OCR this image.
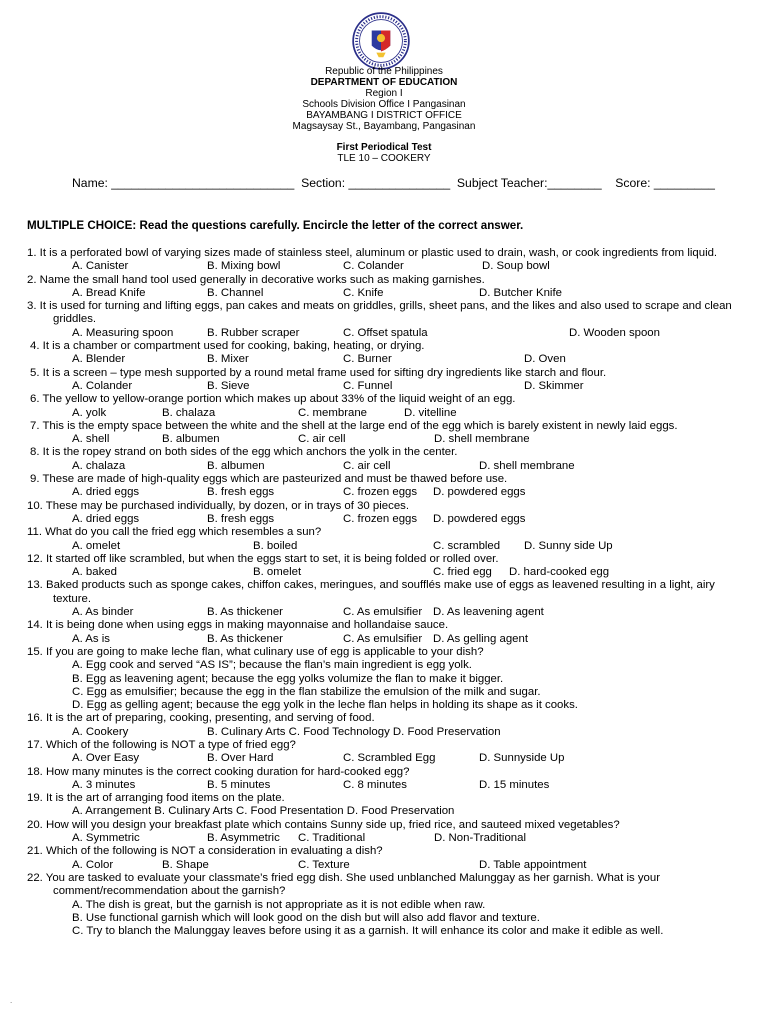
Republic of the Philippines
DEPARTMENT OF EDUCATION
Region I
Schools Division Office I Pangasinan
BAYAMBANG I DISTRICT OFFICE
Magsaysay St., Bayambang, Pangasinan
First Periodical Test
TLE 10 – COOKERY
Name: ___________________________  Section: _______________  Subject Teacher:________    Score: _________
MULTIPLE CHOICE: Read the questions carefully. Encircle the letter of the correct answer.
1. It is a perforated bowl of varying sizes made of stainless steel, aluminum or plastic used to drain, wash, or cook ingredients from liquid.
A. Canister	B. Mixing bowl	C. Colander	D. Soup bowl
2. Name the small hand tool used generally in decorative works such as making garnishes.
A. Bread Knife	B. Channel	C. Knife	D. Butcher Knife
3. It is used for turning and lifting eggs, pan cakes and meats on griddles, grills, sheet pans, and the likes and also used to scrape and clean griddles.
A. Measuring spoon	B. Rubber scraper	C. Offset spatula	D. Wooden spoon
4. It is a chamber or compartment used for cooking, baking, heating, or drying.
A. Blender	B. Mixer	C. Burner	D. Oven
5. It is a screen – type mesh supported by a round metal frame used for sifting dry ingredients like starch and flour.
A. Colander	B. Sieve	C. Funnel	D. Skimmer
6. The yellow to yellow-orange portion which makes up about 33% of the liquid weight of an egg.
A. yolk	B. chalaza	C. membrane	D. vitelline
7. This is the empty space between the white and the shell at the large end of the egg which is barely existent in newly laid eggs.
A. shell	B. albumen	C. air cell	D. shell membrane
8. It is the ropey strand on both sides of the egg which anchors the yolk in the center.
A. chalaza	B. albumen	C. air cell	D. shell membrane
9. These are made of high-quality eggs which are pasteurized and must be thawed before use.
A. dried eggs	B. fresh eggs	C. frozen eggs D. powdered eggs
10. These may be purchased individually, by dozen, or in trays of 30 pieces.
A. dried eggs	B. fresh eggs	C. frozen eggs D. powdered eggs
11. What do you call the fried egg which resembles a sun?
A. omelet	B. boiled	C. scrambled D. Sunny side Up
12. It started off like scrambled, but when the eggs start to set, it is being folded or rolled over.
A. baked	B. omelet	C. fried egg D. hard-cooked egg
13. Baked products such as sponge cakes, chiffon cakes, meringues, and soufflés make use of eggs as leavened resulting in a light, airy texture.
A. As binder	B. As thickener	C. As emulsifier D. As leavening agent
14. It is being done when using eggs in making mayonnaise and hollandaise sauce.
A. As is	B. As thickener	C. As emulsifier D. As gelling agent
15. If you are going to make leche flan, what culinary use of egg is applicable to your dish?
A. Egg cook and served “AS IS”; because the flan’s main ingredient is egg yolk.
B. Egg as leavening agent; because the egg yolks volumize the flan to make it bigger.
C. Egg as emulsifier; because the egg in the flan stabilize the emulsion of the milk and sugar.
D. Egg as gelling agent; because the egg yolk in the leche flan helps in holding its shape as it cooks.
16. It is the art of preparing, cooking, presenting, and serving of food.
A. Cookery	B. Culinary Arts C. Food Technology D. Food Preservation
17. Which of the following is NOT a type of fried egg?
A. Over Easy	B. Over Hard	C. Scrambled Egg	D. Sunnyside Up
18. How many minutes is the correct cooking duration for hard-cooked egg?
A. 3 minutes	B. 5 minutes	C. 8 minutes	D. 15 minutes
19. It is the art of arranging food items on the plate.
A. Arrangement B. Culinary Arts C. Food Presentation D. Food Preservation
20. How will you design your breakfast plate which contains Sunny side up, fried rice, and sauteed mixed vegetables?
A. Symmetric	B. Asymmetric C. Traditional	D. Non-Traditional
21. Which of the following is NOT a consideration in evaluating a dish?
A. Color	B. Shape	C. Texture	D. Table appointment
22. You are tasked to evaluate your classmate’s fried egg dish. She used unblanched Malunggay as her garnish. What is your comment/recommendation about the garnish?
A. The dish is great, but the garnish is not appropriate as it is not edible when raw.
B. Use functional garnish which will look good on the dish but will also add flavor and texture.
C. Try to blanch the Malunggay leaves before using it as a garnish. It will enhance its color and make it edible as well.
.
